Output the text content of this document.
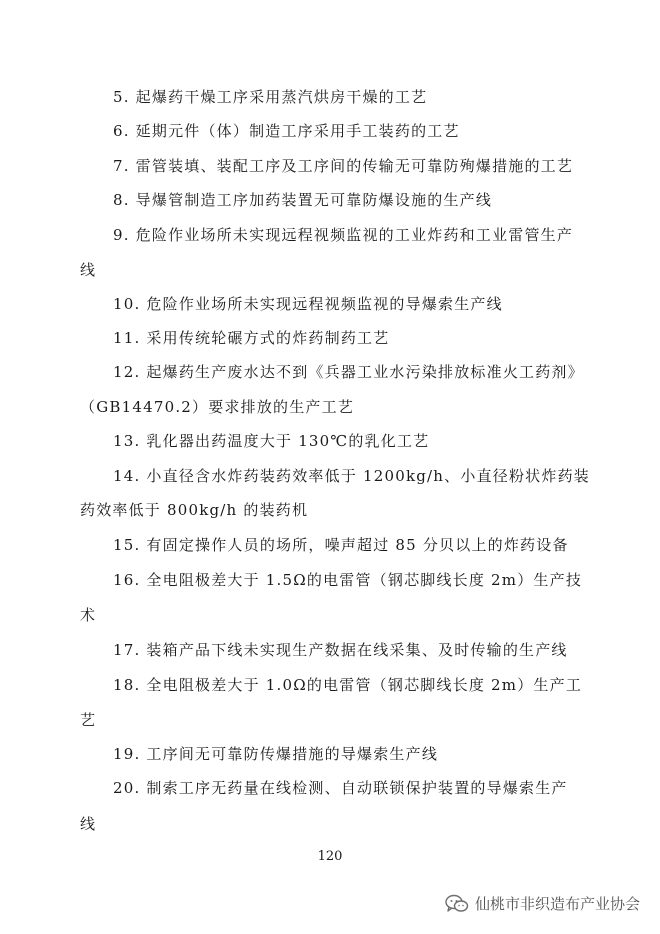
5. 起爆药干燥工序采用蒸汽烘房干燥的工艺
6. 延期元件（体）制造工序采用手工装药的工艺
7. 雷管装填、装配工序及工序间的传输无可靠防殉爆措施的工艺
8. 导爆管制造工序加药装置无可靠防爆设施的生产线
9. 危险作业场所未实现远程视频监视的工业炸药和工业雷管生产
线
10. 危险作业场所未实现远程视频监视的导爆索生产线
11. 采用传统轮碾方式的炸药制药工艺
12. 起爆药生产废水达不到《兵器工业水污染排放标准火工药剂》
（GB14470.2）要求排放的生产工艺
13. 乳化器出药温度大于 130℃的乳化工艺
14. 小直径含水炸药装药效率低于 1200kg/h、小直径粉状炸药装
药效率低于 800kg/h 的装药机
15. 有固定操作人员的场所，噪声超过 85 分贝以上的炸药设备
16. 全电阻极差大于 1.5Ω的电雷管（钢芯脚线长度 2m）生产技
术
17. 装箱产品下线未实现生产数据在线采集、及时传输的生产线
18. 全电阻极差大于 1.0Ω的电雷管（钢芯脚线长度 2m）生产工
艺
19. 工序间无可靠防传爆措施的导爆索生产线
20. 制索工序无药量在线检测、自动联锁保护装置的导爆索生产
线
120
仙桃市非织造布产业协会
